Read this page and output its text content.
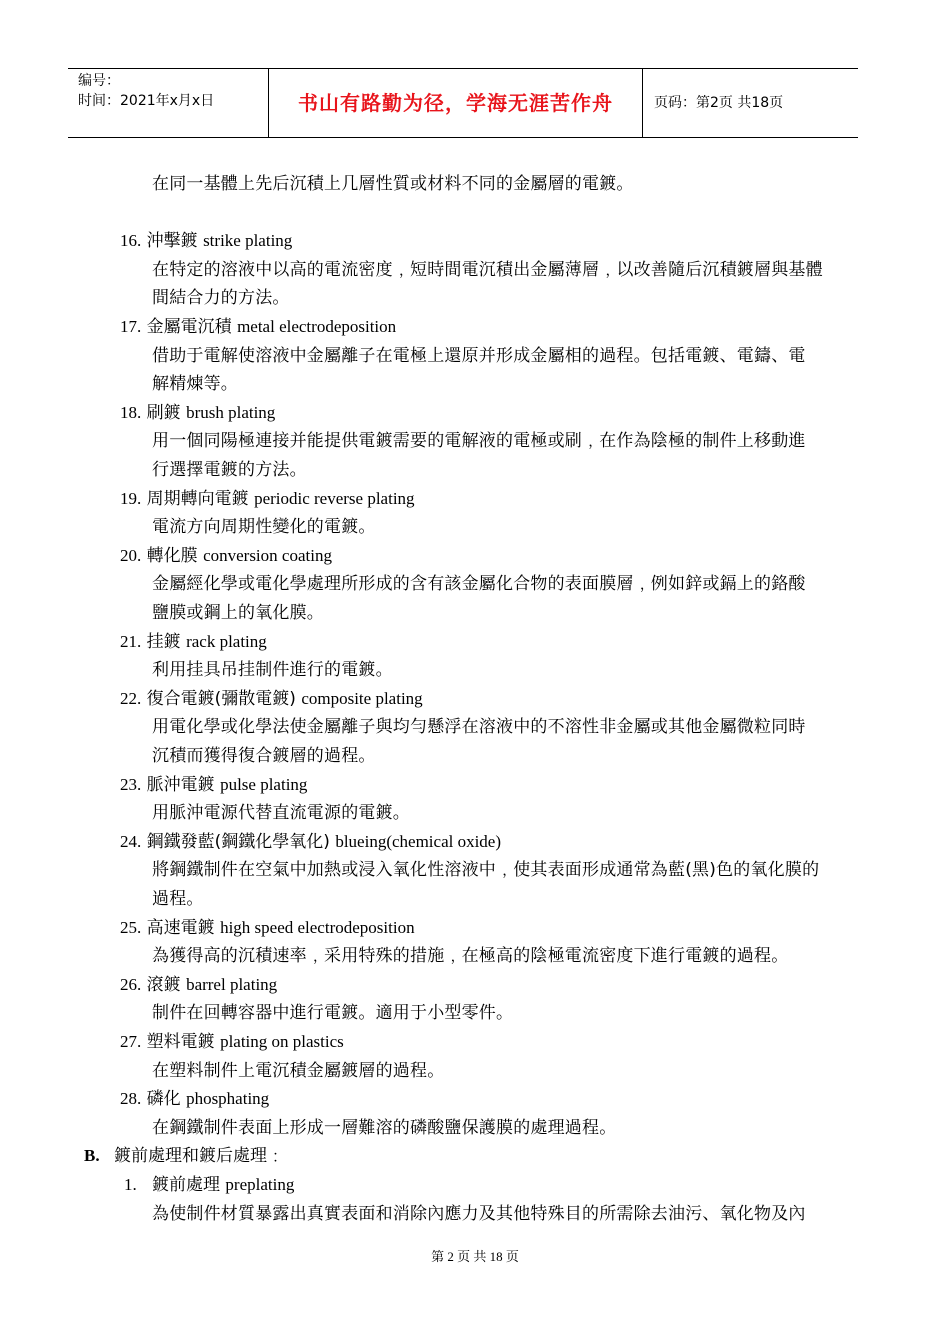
编号：
时间：2021年x月x日	书山有路勤为径，学海无涯苦作舟	页码：第2页 共18页
在同一基體上先后沉積上几層性質或材料不同的金屬層的電鍍。
16. 沖擊鍍 strike plating
在特定的溶液中以高的電流密度﹐短時間電沉積出金屬薄層﹐以改善隨后沉積鍍層與基體
間結合力的方法。
17. 金屬電沉積 metal electrodeposition
借助于電解使溶液中金屬離子在電極上還原并形成金屬相的過程。包括電鍍、電鑄、電
解精煉等。
18. 刷鍍 brush plating
用一個同陽極連接并能提供電鍍需要的電解液的電極或刷﹐在作為陰極的制件上移動進
行選擇電鍍的方法。
19. 周期轉向電鍍 periodic reverse plating
電流方向周期性變化的電鍍。
20. 轉化膜 conversion coating
金屬經化學或電化學處理所形成的含有該金屬化合物的表面膜層﹐例如鋅或鎘上的鉻酸
鹽膜或鋼上的氧化膜。
21. 挂鍍 rack plating
利用挂具吊挂制件進行的電鍍。
22. 復合電鍍(彌散電鍍) composite plating
用電化學或化學法使金屬離子與均勻懸浮在溶液中的不溶性非金屬或其他金屬微粒同時
沉積而獲得復合鍍層的過程。
23. 脈沖電鍍 pulse plating
用脈沖電源代替直流電源的電鍍。
24. 鋼鐵發藍(鋼鐵化學氧化) blueing(chemical oxide)
將鋼鐵制件在空氣中加熱或浸入氧化性溶液中﹐使其表面形成通常為藍(黑)色的氧化膜的
過程。
25. 高速電鍍 high speed electrodeposition
為獲得高的沉積速率﹐采用特殊的措施﹐在極高的陰極電流密度下進行電鍍的過程。
26. 滾鍍 barrel plating
制件在回轉容器中進行電鍍。適用于小型零件。
27. 塑料電鍍 plating on plastics
在塑料制件上電沉積金屬鍍層的過程。
28. 磷化 phosphating
在鋼鐵制件表面上形成一層難溶的磷酸鹽保護膜的處理過程。
B. 鍍前處理和鍍后處理﹕
1. 鍍前處理 preplating
為使制件材質暴露出真實表面和消除內應力及其他特殊目的所需除去油污、氧化物及內
第 2 页 共 18 页
